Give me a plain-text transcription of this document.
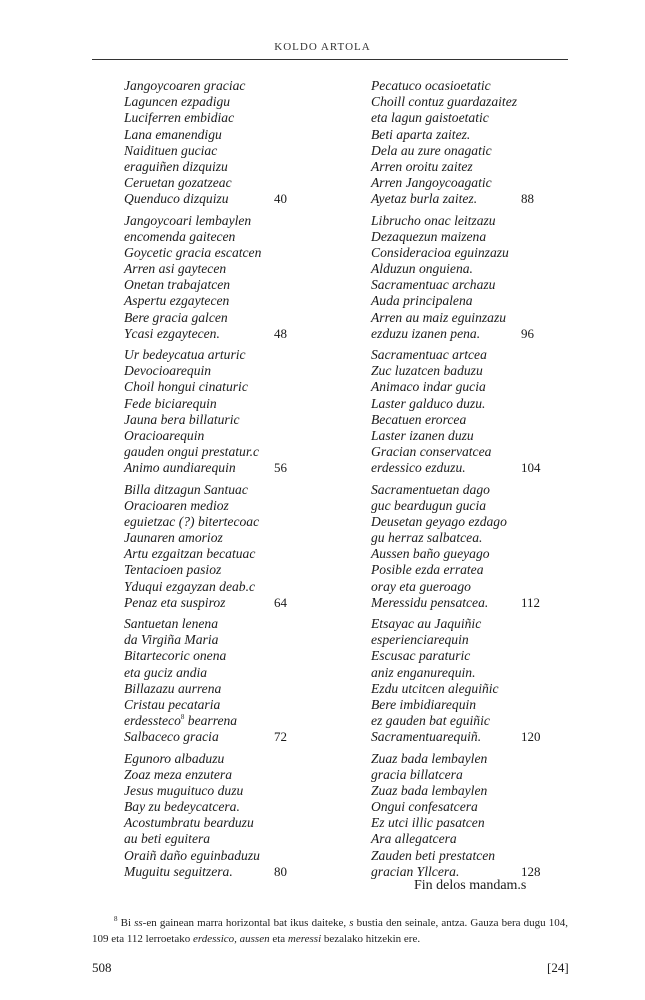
KOLDO ARTOLA
Jangoycoaren graciac
Laguncen ezpadigu
Luciferren embidiac
Lana emanendigu
Naidituen guciac
eraguiñen dizquizu
Ceruetan gozatzeac
Quenduco dizquizu	40
Jangoycoari lembaylen
encomenda gaitecen
Goycetic gracia escatcen
Arren asi gaytecen
Onetan trabajatcen
Aspertu ezgaytecen
Bere gracia galcen
Ycasi ezgaytecen.	48
Ur bedeycatua arturic
Devocioarequin
Choil hongui cinaturic
Fede biciarequin
Jauna bera billaturic
Oracioarequin
gauden ongui prestatur.c
Animo aundiarequin	56
Billa ditzagun Santuac
Oracioaren medioz
eguietzac (?) bitertecoac
Jaunaren amorioz
Artu ezgaitzan becatuac
Tentacioen pasioz
Yduqui ezgayzan deab.c
Penaz eta suspiroz	64
Santuetan lenena
da Virgiña Maria
Bitartecoric onena
eta guciz andia
Billazazu aurrena
Cristau pecataria
erdessteco$^8$ bearrena
Salbaceco gracia	72
Egunoro albaduzu
Zoaz meza enzutera
Jesus muguituco duzu
Bay zu bedeycatcera.
Acostumbratu bearduzu
au beti eguitera
Oraiñ daño eguinbaduzu
Muguitu seguitzera.	80
Pecatuco ocasioetatic
Choill contuz guardazaitez
eta lagun gaistoetatic
Beti aparta zaitez.
Dela au zure onagatic
Arren oroitu zaitez
Arren Jangoycoagatic
Ayetaz burla zaitez.	88
Librucho onac leitzazu
Dezaquezun maizena
Consideracioa eguinzazu
Alduzun onguiena.
Sacramentuac archazu
Auda principalena
Arren au maiz eguinzazu
ezduzu izanen pena.	96
Sacramentuac artcea
Zuc luzatcen baduzu
Animaco indar gucia
Laster galduco duzu.
Becatuen erorcea
Laster izanen duzu
Gracian conservatcea
erdessico ezduzu.	104
Sacramentuetan dago
guc beardugun gucia
Deusetan geyago ezdago
gu herraz salbatcea.
Aussen baño gueyago
Posible ezda erratea
oray eta gueroago
Meressidu pensatcea.	112
Etsayac au Jaquiñic
esperienciarequin
Escusac paraturic
aniz enganurequin.
Ezdu utcitcen aleguiñic
Bere imbidiarequin
ez gauden bat eguiñic
Sacramentuarequiñ.	120
Zuaz bada lembaylen
gracia billatcera
Zuaz bada lembaylen
Ongui confesatcera
Ez utci illic pasatcen
Ara allegatcera
Zauden beti prestatcen
gracian Yllcera.	128
Fin delos mandam.s
$^8$ Bi ss-en gainean marra horizontal bat ikus daiteke, s bustia den seinale, antza. Gauza bera dugu 104, 109 eta 112 lerroetako erdessico, aussen eta meressi bezalako hitzekin ere.
508	[24]
